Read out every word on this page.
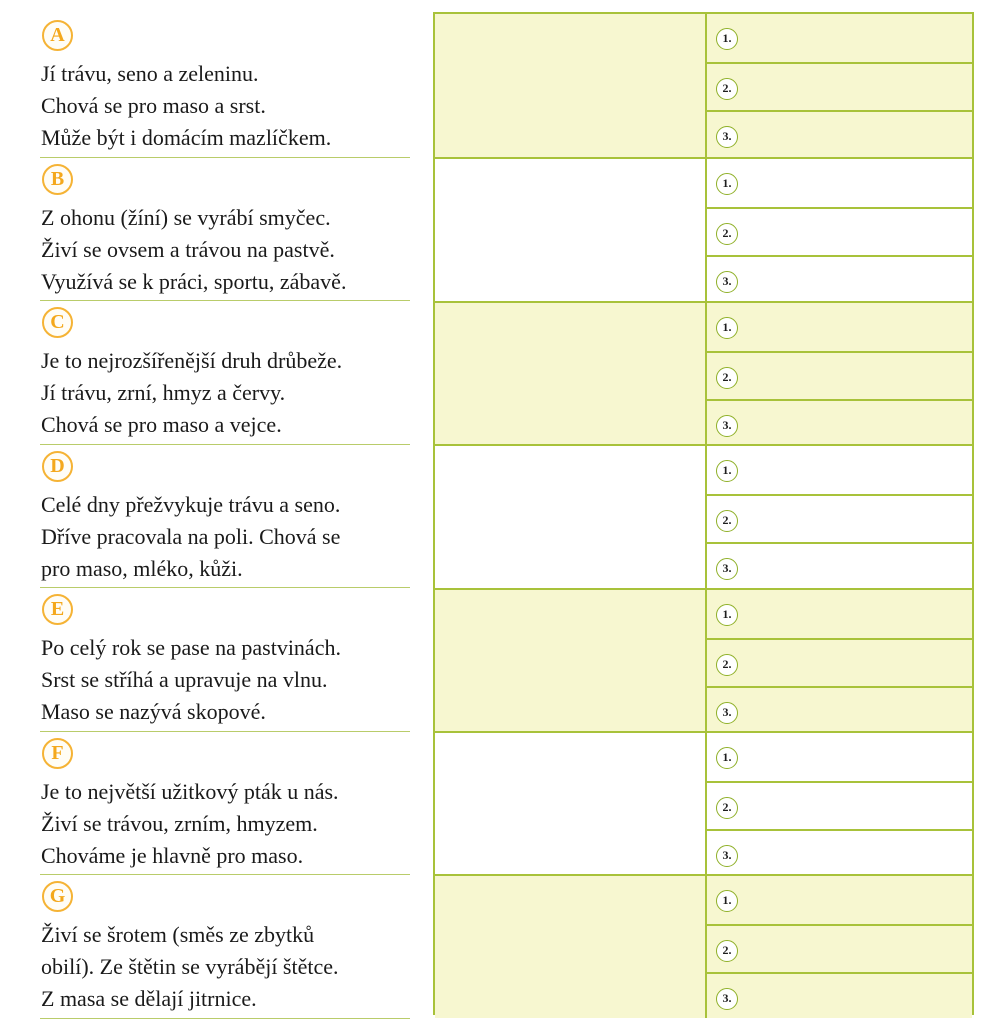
A

Jí trávu, seno a zeleninu.
Chová se pro maso a srst.
Může být i domácím mazlíčkem.

B

Z ohonu (žíní) se vyrábí smyčec.
Živí se ovsem a trávou na pastvě.
Využívá se k práci, sportu, zábavě.

C

Je to nejrozšířenější druh drůbeže.
Jí trávu, zrní, hmyz a červy.
Chová se pro maso a vejce.

D

Celé dny přežvykuje trávu a seno.
Dříve pracovala na poli. Chová se
pro maso, mléko, kůži.

E

Po celý rok se pase na pastvinách.
Srst se stříhá a upravuje na vlnu.
Maso se nazývá skopové.

F

Je to největší užitkový pták u nás.
Živí se trávou, zrním, hmyzem.
Chováme je hlavně pro maso.

G

Živí se šrotem (směs ze zbytků
obilí). Ze štětin se vyrábějí štětce.
Z masa se dělají jitrnice.

1.
2.
3.
1.
2.
3.
1.
2.
3.
1.
2.
3.
1.
2.
3.
1.
2.
3.
1.
2.
3.
